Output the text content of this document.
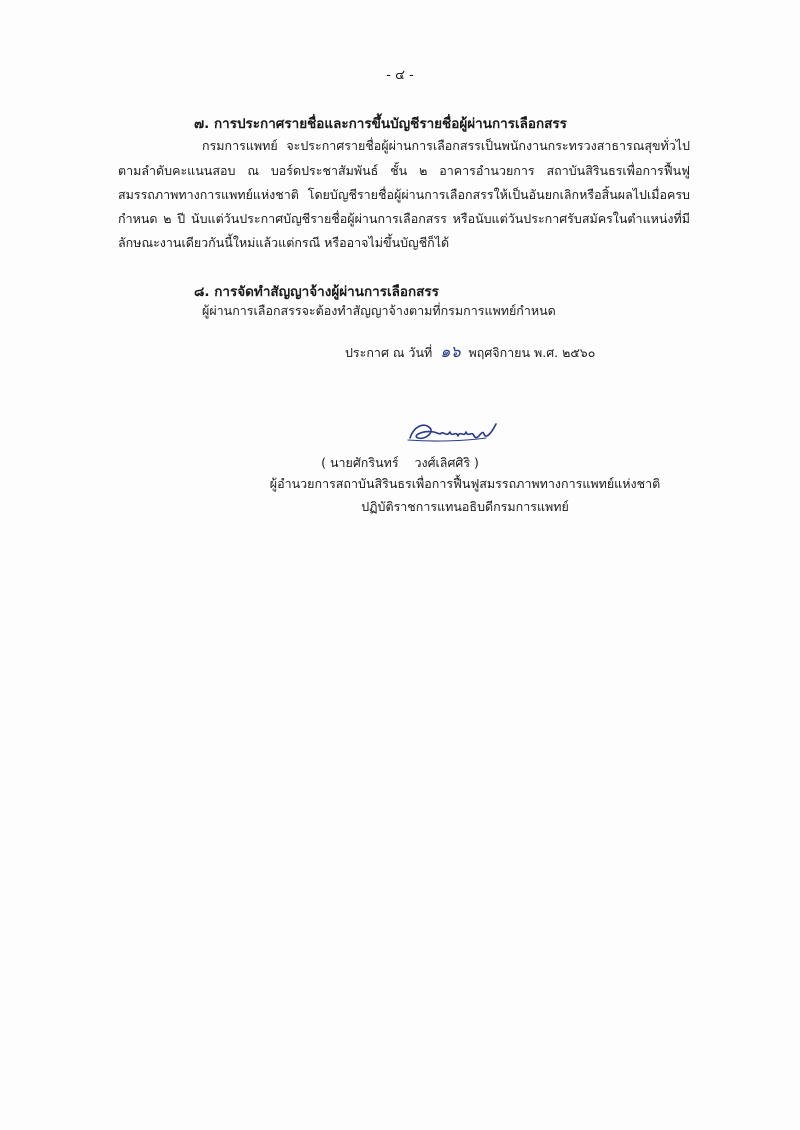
- ๔ -
๗. การประกาศรายชื่อและการขึ้นบัญชีรายชื่อผู้ผ่านการเลือกสรร
กรมการแพทย์ จะประกาศรายชื่อผู้ผ่านการเลือกสรรเป็นพนักงานกระทรวงสาธารณสุขทั่วไป
ตามลำดับคะแนนสอบ ณ บอร์ดประชาสัมพันธ์ ชั้น ๒ อาคารอำนวยการ สถาบันสิรินธรเพื่อการฟื้นฟู
สมรรถภาพทางการแพทย์แห่งชาติ โดยบัญชีรายชื่อผู้ผ่านการเลือกสรรให้เป็นอันยกเลิกหรือสิ้นผลไปเมื่อครบ
กำหนด ๒ ปี นับแต่วันประกาศบัญชีรายชื่อผู้ผ่านการเลือกสรร หรือนับแต่วันประกาศรับสมัครในตำแหน่งที่มี
ลักษณะงานเดียวกันนี้ใหม่แล้วแต่กรณี หรืออาจไม่ขึ้นบัญชีก็ได้
๘. การจัดทำสัญญาจ้างผู้ผ่านการเลือกสรร
ผู้ผ่านการเลือกสรรจะต้องทำสัญญาจ้างตามที่กรมการแพทย์กำหนด
ประกาศ ณ วันที่ ๑๖ พฤศจิกายน พ.ศ. ๒๕๖๐
( นายศักรินทร์    วงศ์เลิศศิริ )
ผู้อำนวยการสถาบันสิรินธรเพื่อการฟื้นฟูสมรรถภาพทางการแพทย์แห่งชาติ
ปฏิบัติราชการแทนอธิบดีกรมการแพทย์
